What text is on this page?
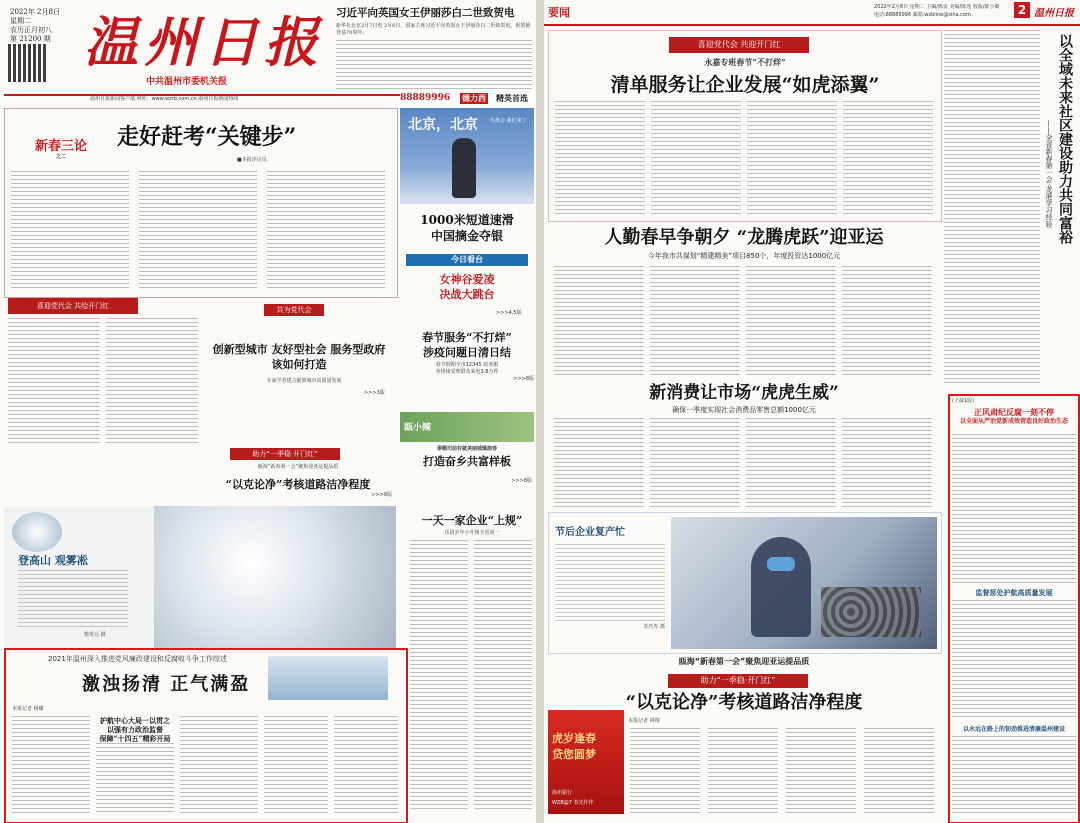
2022年 2月8日
星期二
农历正月初八
第 21200 期 温州日报
中共温州市委机关报
温州日报新闻客户端 网址：www.wzrb.com.cn 温州日报新闻热线
习近平向英国女王伊丽莎白二世致贺电
新华社北京2月7日电 2月6日，国家主席习近平向英国女王伊丽莎白二世致贺电，祝贺她登基70周年。
88889996 德力西 精英首选
新春三论
之二
走好赶考“关键步”
■本报评论员
北京，北京 冬奥会 我们来了
1000米短道速滑
中国摘金夺银
今日看台
女神谷爱凌
决战大跳台
>>>4,5版
喜迎党代会 共绘开门红	共为党代会
创新型城市 友好型社会 服务型政府
该如何打造
专家学者建言献策城市高质量发展
>>>3版
春节服务“不打烊”
涉疫问题日清日结
春节假期全市12345 政务服
务热线受理群众来电3.8万件
>>>8版
助力“一季稳·开门红”
瓯海“新春第一会”聚焦迎亚运提品质
“以克论净”考核道路洁净程度
>>>8版
瓯小辣
泰顺司前村就美丽城镇画卷
打造奋乡共富样板
>>>8版
登高山 观雾凇
柴发元 摄
2021年温州深入推进党风廉政建设和反腐败斗争工作综述
激浊扬清 正气满盈
本报记者 杨啸
护航中心大局一以贯之
以强有力政治监督
保障“十四五”精彩开局
一天一家企业“上规”
乐清去年小升规全省第一
要闻	2022年2月8日 星期二 主编/陈雷 美编/陈莲 校版/陈小敏
电话:88889996 邮箱:wzbline@sina.com	2 温州日报
喜迎党代会 共迎开门红
永嘉专班春节“不打烊”
清单服务让企业发展“如虎添翼”
人勤春早争朝夕 “龙腾虎跃”迎亚运
今年我市共谋划“精建精美”项目850个，年度投资达1000亿元
新消费让市场“虎虎生威”
确保一季度实现社会消费品零售总额1000亿元
节后企业复产忙
苏巧寿 摄
助力“一季稳·开门红”
瓯海“新春第一会”聚焦迎亚运提品质
“以克论净”考核道路洁净程度
本报记者 林翔
虎岁逢春
贷您圆梦
温州银行
WZB@7 春光作伴
以全域未来社区建设助力共同富裕
——全省新春第一会·龙港学习经验
(上接1版)
正风肃纪反腐一刻不停
以全面从严治党新成效营造良好政治生态
监督惩处护航高质量发展
以永远在路上的韧劲推进清廉温州建设
